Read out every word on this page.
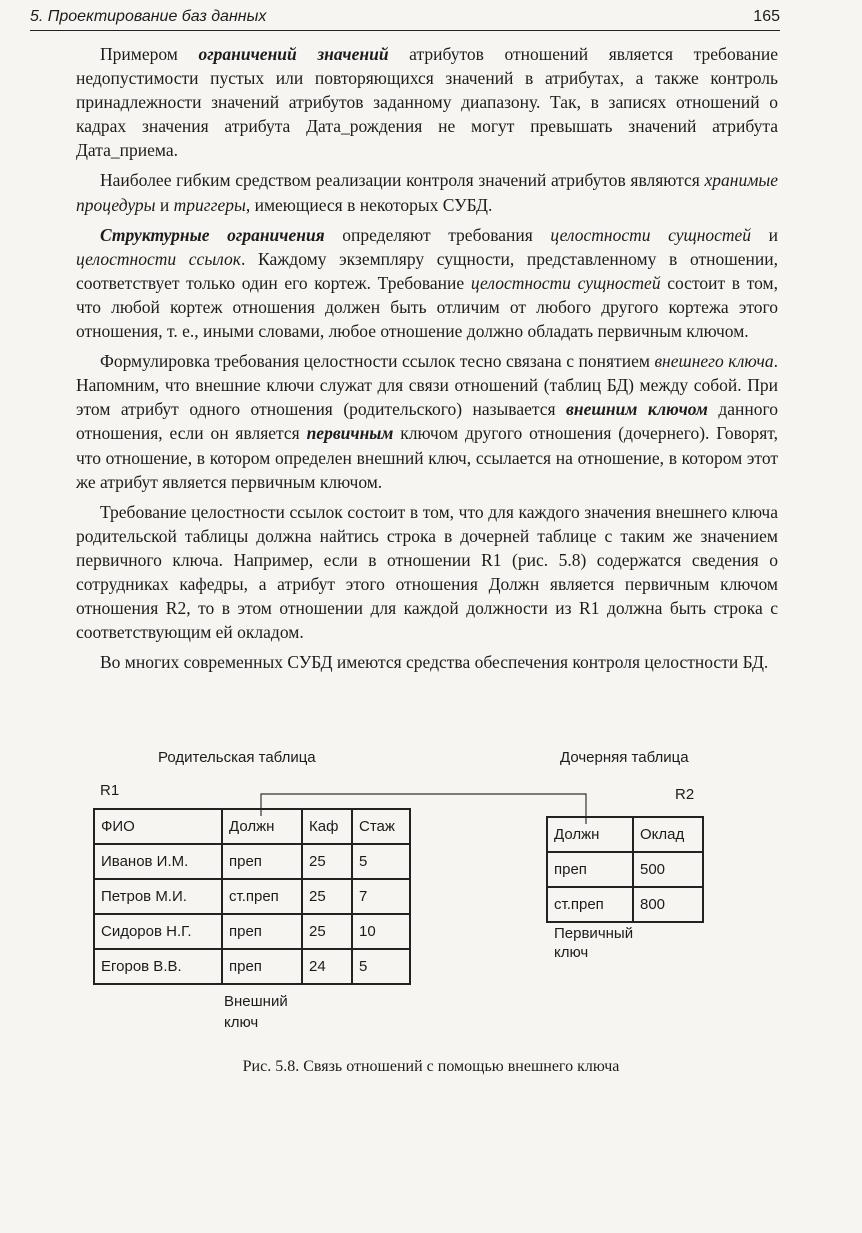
5. Проектирование баз данных	165

Примером ограничений значений атрибутов отношений является требование недопустимости пустых или повторяющихся значений в атрибутах, а также контроль принадлежности значений атрибутов заданному диапазону. Так, в записях отношений о кадрах значения атрибута Дата_рождения не могут превышать значений атрибута Дата_приема.

Наиболее гибким средством реализации контроля значений атрибутов являются хранимые процедуры и триггеры, имеющиеся в некоторых СУБД.

Структурные ограничения определяют требования целостности сущностей и целостности ссылок. Каждому экземпляру сущности, представленному в отношении, соответствует только один его кортеж. Требование целостности сущностей состоит в том, что любой кортеж отношения должен быть отличим от любого другого кортежа этого отношения, т. е., иными словами, любое отношение должно обладать первичным ключом.

Формулировка требования целостности ссылок тесно связана с понятием внешнего ключа. Напомним, что внешние ключи служат для связи отношений (таблиц БД) между собой. При этом атрибут одного отношения (родительского) называется внешним ключом данного отношения, если он является первичным ключом другого отношения (дочернего). Говорят, что отношение, в котором определен внешний ключ, ссылается на отношение, в котором этот же атрибут является первичным ключом.

Требование целостности ссылок состоит в том, что для каждого значения внешнего ключа родительской таблицы должна найтись строка в дочерней таблице с таким же значением первичного ключа. Например, если в отношении R1 (рис. 5.8) содержатся сведения о сотрудниках кафедры, а атрибут этого отношения Должн является первичным ключом отношения R2, то в этом отношении для каждой должности из R1 должна быть строка с соответствующим ей окладом.

Во многих современных СУБД имеются средства обеспечения контроля целостности БД.

Родительская таблица	Дочерняя таблица
R1	R2
ФИО	Должн	Каф	Стаж
Иванов И.М.	преп	25	5
Петров М.И.	ст.преп	25	7
Сидоров Н.Г.	преп	25	10
Егоров В.В.	преп	24	5
Должн	Оклад
преп	500
ст.преп	800
Первичный
ключ
Внешний
ключ
Рис. 5.8. Связь отношений с помощью внешнего ключа
